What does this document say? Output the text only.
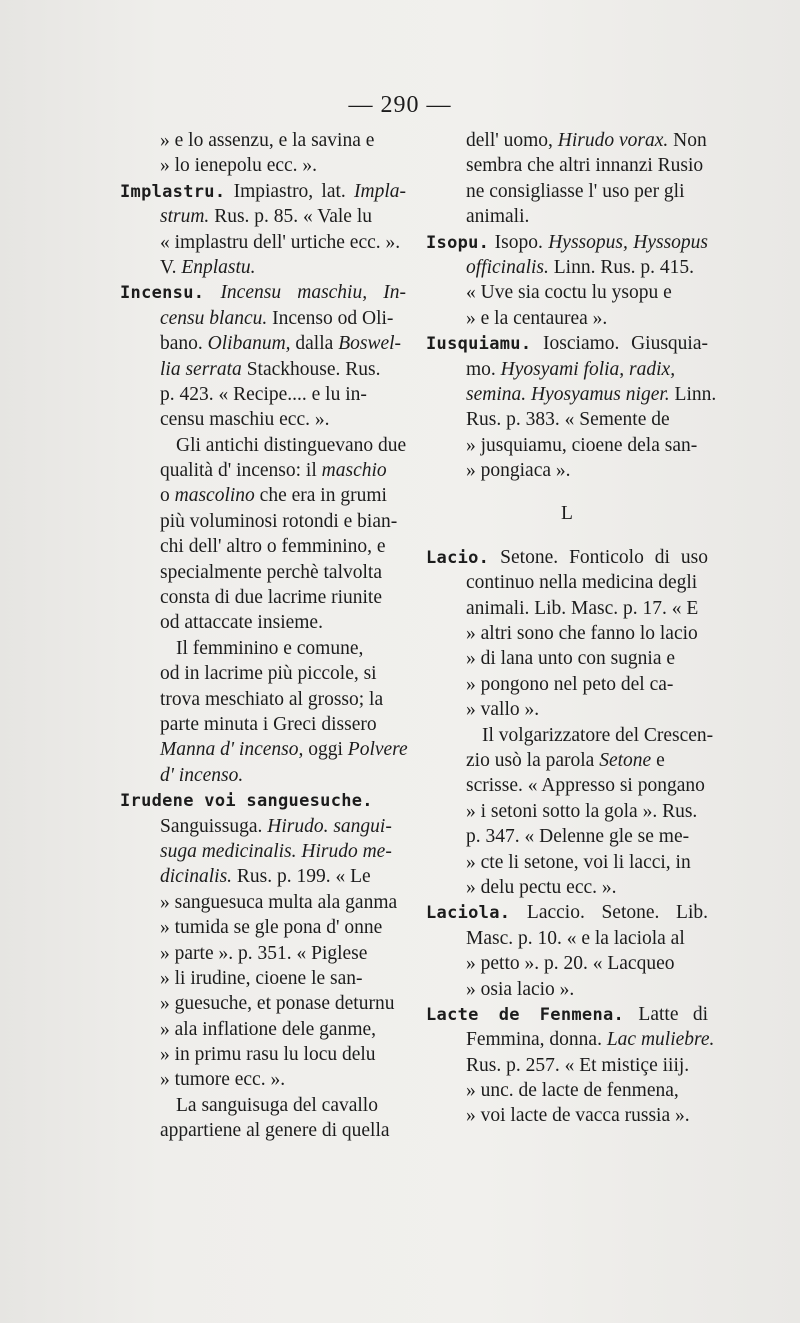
— 290 —
» e lo assenzu, e la savina e
» lo ienepolu ecc. ».
Implastru. Impiastro, lat. Impla-
strum. Rus. p. 85. « Vale lu
« implastru dell' urtiche ecc. ».
V. Enplastu.
Incensu. Incensu maschiu, In-
censu blancu. Incenso od Oli-
bano. Olibanum, dalla Boswel-
lia serrata Stackhouse. Rus.
p. 423. « Recipe.... e lu in-
censu maschiu ecc. ».
Gli antichi distinguevano due
qualità d' incenso: il maschio
o mascolino che era in grumi
più voluminosi rotondi e bian-
chi dell' altro o femminino, e
specialmente perchè talvolta
consta di due lacrime riunite
od attaccate insieme.
Il femminino e comune,
od in lacrime più piccole, si
trova meschiato al grosso; la
parte minuta i Greci dissero
Manna d' incenso, oggi Polvere
d' incenso.
Irudene voi sanguesuche.
Sanguissuga. Hirudo. sangui-
suga medicinalis. Hirudo me-
dicinalis. Rus. p. 199. « Le
» sanguesuca multa ala ganma
» tumida se gle pona d' onne
» parte ». p. 351. « Piglese
» li irudine, cioene le san-
» guesuche, et ponase deturnu
» ala inflatione dele ganme,
» in primu rasu lu locu delu
» tumore ecc. ».
La sanguisuga del cavallo
appartiene al genere di quella
dell' uomo, Hirudo vorax. Non
sembra che altri innanzi Rusio
ne consigliasse l' uso per gli
animali.
Isopu. Isopo. Hyssopus, Hyssopus
officinalis. Linn. Rus. p. 415.
« Uve sia coctu lu ysopu e
» e la centaurea ».
Iusquiamu. Iosciamo. Giusquia-
mo. Hyosyami folia, radix,
semina. Hyosyamus niger. Linn.
Rus. p. 383. « Semente de
» jusquiamu, cioene dela san-
» pongiaca ».
L
Lacio. Setone. Fonticolo di uso
continuo nella medicina degli
animali. Lib. Masc. p. 17. « E
» altri sono che fanno lo lacio
» di lana unto con sugnia e
» pongono nel peto del ca-
» vallo ».
Il volgarizzatore del Crescen-
zio usò la parola Setone e
scrisse. « Appresso si pongano
» i setoni sotto la gola ». Rus.
p. 347. « Delenne gle se me-
» cte li setone, voi li lacci, in
» delu pectu ecc. ».
Laciola. Laccio. Setone. Lib.
Masc. p. 10. « e la laciola al
» petto ». p. 20. « Lacqueo
» osia lacio ».
Lacte de Fenmena. Latte di
Femmina, donna. Lac muliebre.
Rus. p. 257. « Et mistiçe iiij.
» unc. de lacte de fenmena,
» voi lacte de vacca russia ».
